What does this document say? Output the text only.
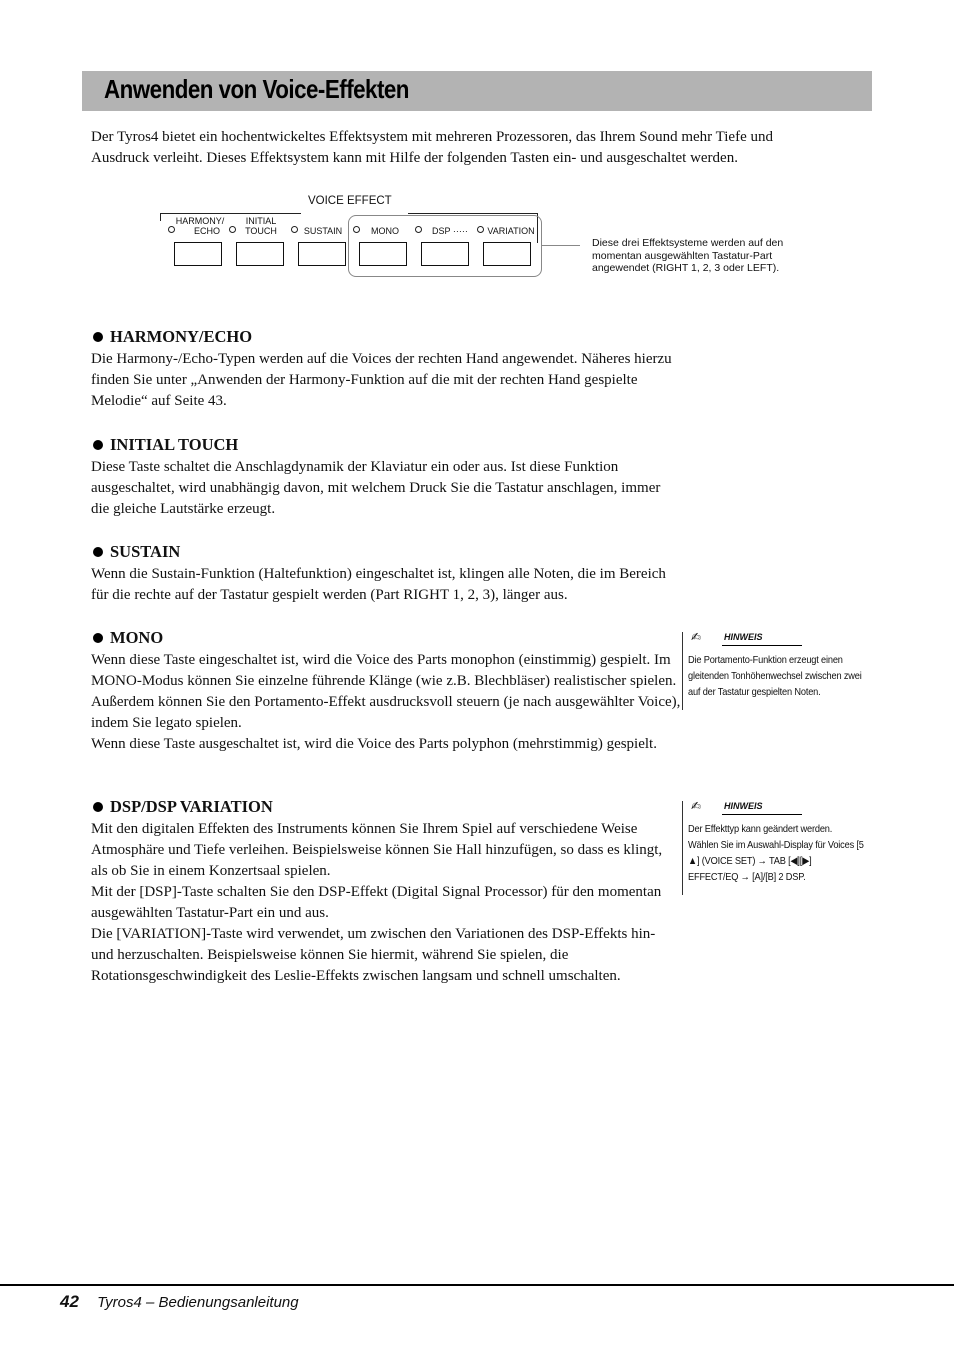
Anwenden von Voice-Effekten
Der Tyros4 bietet ein hochentwickeltes Effektsystem mit mehreren Prozessoren, das Ihrem Sound mehr Tiefe und Ausdruck verleiht. Dieses Effektsystem kann mit Hilfe der folgenden Tasten ein- und ausgeschaltet werden.
VOICE EFFECT
HARMONY/
ECHO
INITIAL
TOUCH	SUSTAIN	MONO	DSP ·····	VARIATION
Diese drei Effektsysteme werden auf den momentan ausgewählten Tastatur-Part angewendet (RIGHT 1, 2, 3 oder LEFT).
HARMONY/ECHO

Die Harmony-/Echo-Typen werden auf die Voices der rechten Hand angewendet. Näheres hierzu finden Sie unter „Anwenden der Harmony-Funktion auf die mit der rechten Hand gespielte Melodie“ auf Seite 43.

INITIAL TOUCH

Diese Taste schaltet die Anschlagdynamik der Klaviatur ein oder aus. Ist diese Funktion ausgeschaltet, wird unabhängig davon, mit welchem Druck Sie die Tastatur anschlagen, immer die gleiche Lautstärke erzeugt.

SUSTAIN

Wenn die Sustain-Funktion (Haltefunktion) eingeschaltet ist, klingen alle Noten, die im Bereich für die rechte auf der Tastatur gespielt werden (Part RIGHT 1, 2, 3), länger aus.

MONO

Wenn diese Taste eingeschaltet ist, wird die Voice des Parts monophon (einstimmig) gespielt. Im MONO-Modus können Sie einzelne führende Klänge (wie z.B. Blechbläser) realistischer spielen. Außerdem können Sie den Portamento-Effekt ausdrucksvoll steuern (je nach ausgewählter Voice), indem Sie legato spielen.

Wenn diese Taste ausgeschaltet ist, wird die Voice des Parts polyphon (mehrstimmig) gespielt.

DSP/DSP VARIATION

Mit den digitalen Effekten des Instruments können Sie Ihrem Spiel auf verschiedene Weise Atmosphäre und Tiefe verleihen. Beispielsweise können Sie Hall hinzufügen, so dass es klingt, als ob Sie in einem Konzertsaal spielen.

Mit der [DSP]-Taste schalten Sie den DSP-Effekt (Digital Signal Processor) für den momentan ausgewählten Tastatur-Part ein und aus.

Die [VARIATION]-Taste wird verwendet, um zwischen den Variationen des DSP-Effekts hin- und herzuschalten. Beispielsweise können Sie hiermit, während Sie spielen, die Rotationsgeschwindigkeit des Leslie-Effekts zwischen langsam und schnell umschalten.

✍	HINWEIS
Die Portamento-Funktion erzeugt einen gleitenden Tonhöhenwechsel zwischen zwei auf der Tastatur gespielten Noten.
✍	HINWEIS
Der Effekttyp kann geändert werden. Wählen Sie im Auswahl-Display für Voices [5 ▲] (VOICE SET) → TAB [◀][▶] EFFECT/EQ → [A]/[B] 2 DSP.
42 Tyros4 – Bedienungsanleitung
